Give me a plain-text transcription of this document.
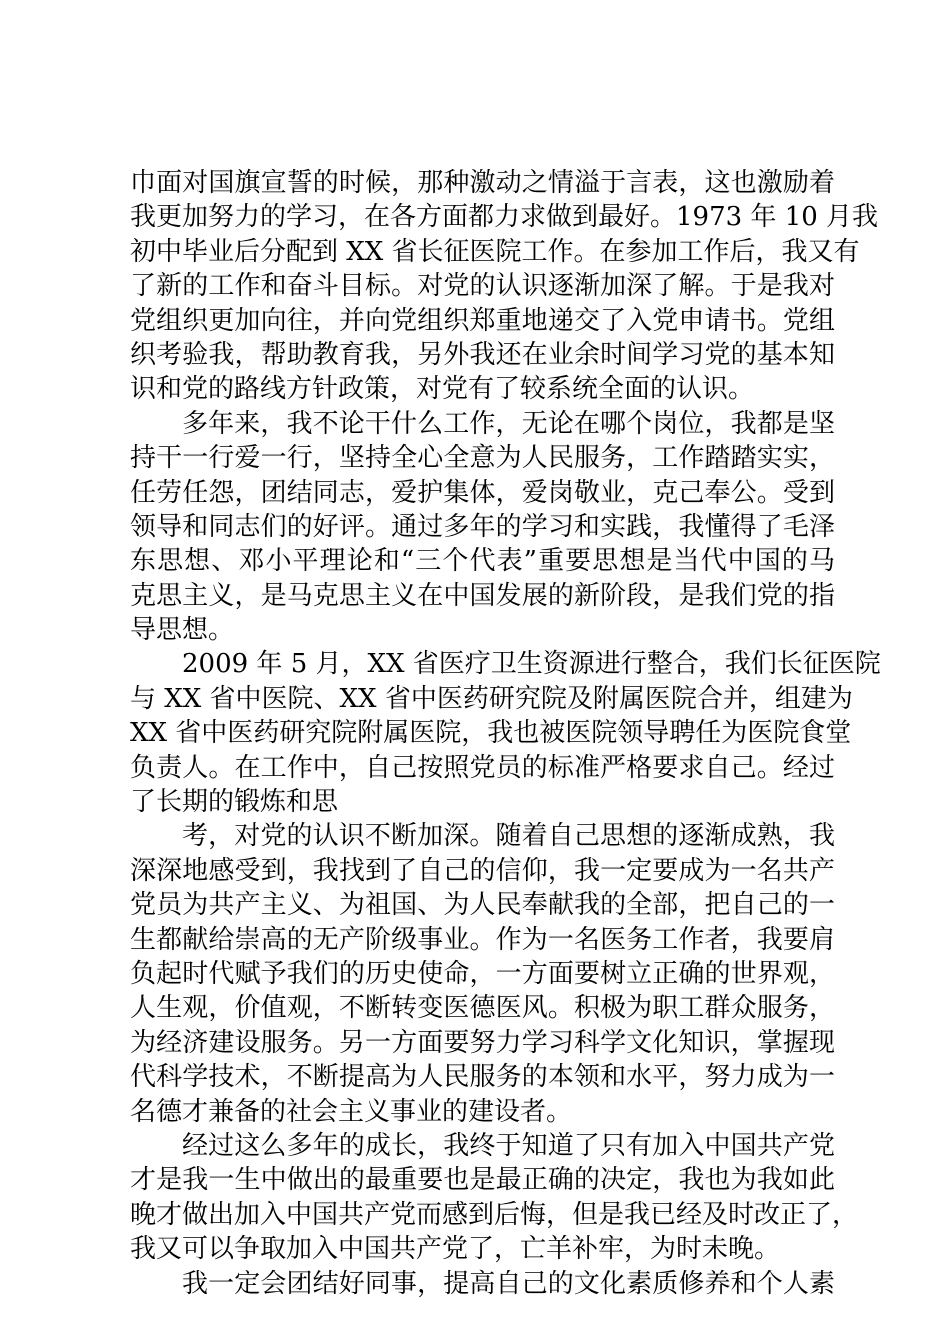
巾面对国旗宣誓的时候，那种激动之情溢于言表，这也激励着
我更加努力的学习，在各方面都力求做到最好。1973 年 10 月我
初中毕业后分配到 XX 省长征医院工作。在参加工作后，我又有
了新的工作和奋斗目标。对党的认识逐渐加深了解。于是我对
党组织更加向往，并向党组织郑重地递交了入党申请书。党组
织考验我，帮助教育我，另外我还在业余时间学习党的基本知
识和党的路线方针政策，对党有了较系统全面的认识。
多年来，我不论干什么工作，无论在哪个岗位，我都是坚
持干一行爱一行，坚持全心全意为人民服务，工作踏踏实实，
任劳任怨，团结同志，爱护集体，爱岗敬业，克己奉公。受到
领导和同志们的好评。通过多年的学习和实践，我懂得了毛泽
东思想、邓小平理论和“三个代表”重要思想是当代中国的马
克思主义，是马克思主义在中国发展的新阶段，是我们党的指
导思想。
2009 年 5 月，XX 省医疗卫生资源进行整合，我们长征医院
与 XX 省中医院、XX 省中医药研究院及附属医院合并，组建为
XX 省中医药研究院附属医院，我也被医院领导聘任为医院食堂
负责人。在工作中，自己按照党员的标准严格要求自己。经过
了长期的锻炼和思
考，对党的认识不断加深。随着自己思想的逐渐成熟，我
深深地感受到，我找到了自己的信仰，我一定要成为一名共产
党员为共产主义、为祖国、为人民奉献我的全部，把自己的一
生都献给崇高的无产阶级事业。作为一名医务工作者，我要肩
负起时代赋予我们的历史使命，一方面要树立正确的世界观，
人生观，价值观，不断转变医德医风。积极为职工群众服务，
为经济建设服务。另一方面要努力学习科学文化知识，掌握现
代科学技术，不断提高为人民服务的本领和水平，努力成为一
名德才兼备的社会主义事业的建设者。
经过这么多年的成长，我终于知道了只有加入中国共产党
才是我一生中做出的最重要也是最正确的决定，我也为我如此
晚才做出加入中国共产党而感到后悔，但是我已经及时改正了，
我又可以争取加入中国共产党了，亡羊补牢，为时未晚。
我一定会团结好同事，提高自己的文化素质修养和个人素
